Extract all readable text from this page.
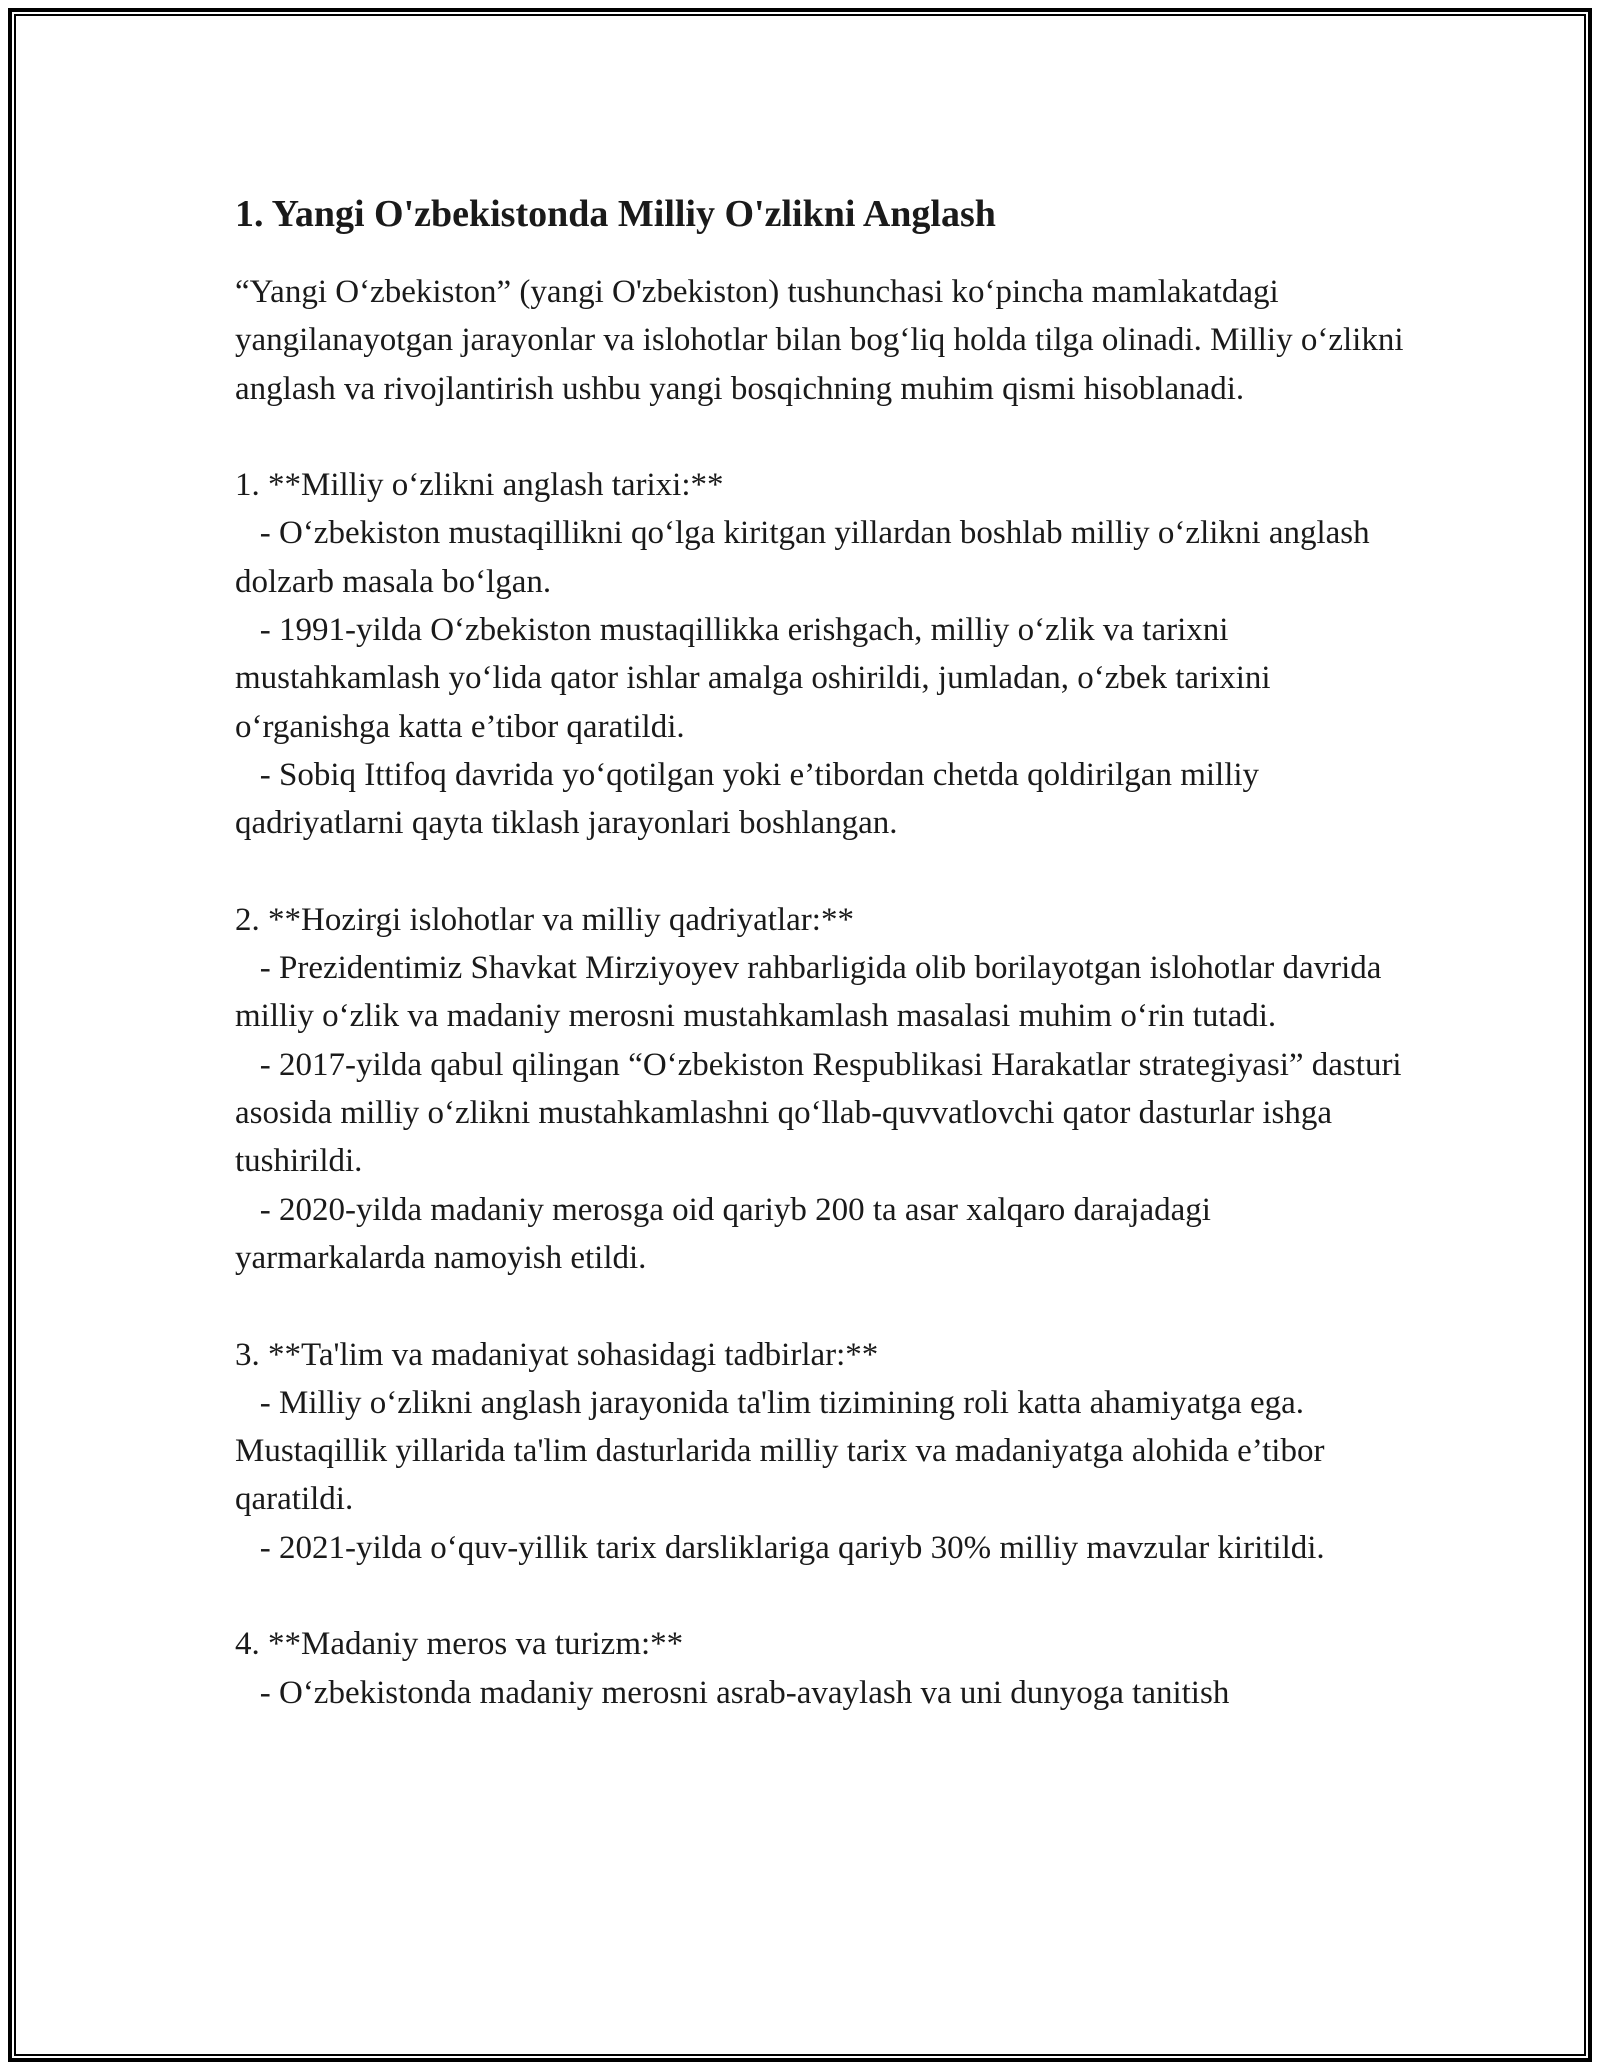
1. Yangi O'zbekistonda Milliy O'zlikni Anglash

“Yangi O‘zbekiston” (yangi O'zbekiston) tushunchasi ko‘pincha mamlakatdagi yangilanayotgan jarayonlar va islohotlar bilan bog‘liq holda tilga olinadi. Milliy o‘zlikni anglash va rivojlantirish ushbu yangi bosqichning muhim qismi hisoblanadi.

1. **Milliy o‘zlikni anglash tarixi:**

- O‘zbekiston mustaqillikni qo‘lga kiritgan yillardan boshlab milliy o‘zlikni anglash dolzarb masala bo‘lgan.

- 1991-yilda O‘zbekiston mustaqillikka erishgach, milliy o‘zlik va tarixni mustahkamlash yo‘lida qator ishlar amalga oshirildi, jumladan, o‘zbek tarixini o‘rganishga katta e’tibor qaratildi.

- Sobiq Ittifoq davrida yo‘qotilgan yoki e’tibordan chetda qoldirilgan milliy qadriyatlarni qayta tiklash jarayonlari boshlangan.

2. **Hozirgi islohotlar va milliy qadriyatlar:**

- Prezidentimiz Shavkat Mirziyoyev rahbarligida olib borilayotgan islohotlar davrida milliy o‘zlik va madaniy merosni mustahkamlash masalasi muhim o‘rin tutadi.

- 2017-yilda qabul qilingan “O‘zbekiston Respublikasi Harakatlar strategiyasi” dasturi asosida milliy o‘zlikni mustahkamlashni qo‘llab-quvvatlovchi qator dasturlar ishga tushirildi.

- 2020-yilda madaniy merosga oid qariyb 200 ta asar xalqaro darajadagi yarmarkalarda namoyish etildi.

3. **Ta'lim va madaniyat sohasidagi tadbirlar:**

- Milliy o‘zlikni anglash jarayonida ta'lim tizimining roli katta ahamiyatga ega. Mustaqillik yillarida ta'lim dasturlarida milliy tarix va madaniyatga alohida e’tibor qaratildi.

- 2021-yilda o‘quv-yillik tarix darsliklariga qariyb 30% milliy mavzular kiritildi.

4. **Madaniy meros va turizm:**

- O‘zbekistonda madaniy merosni asrab-avaylash va uni dunyoga tanitish
